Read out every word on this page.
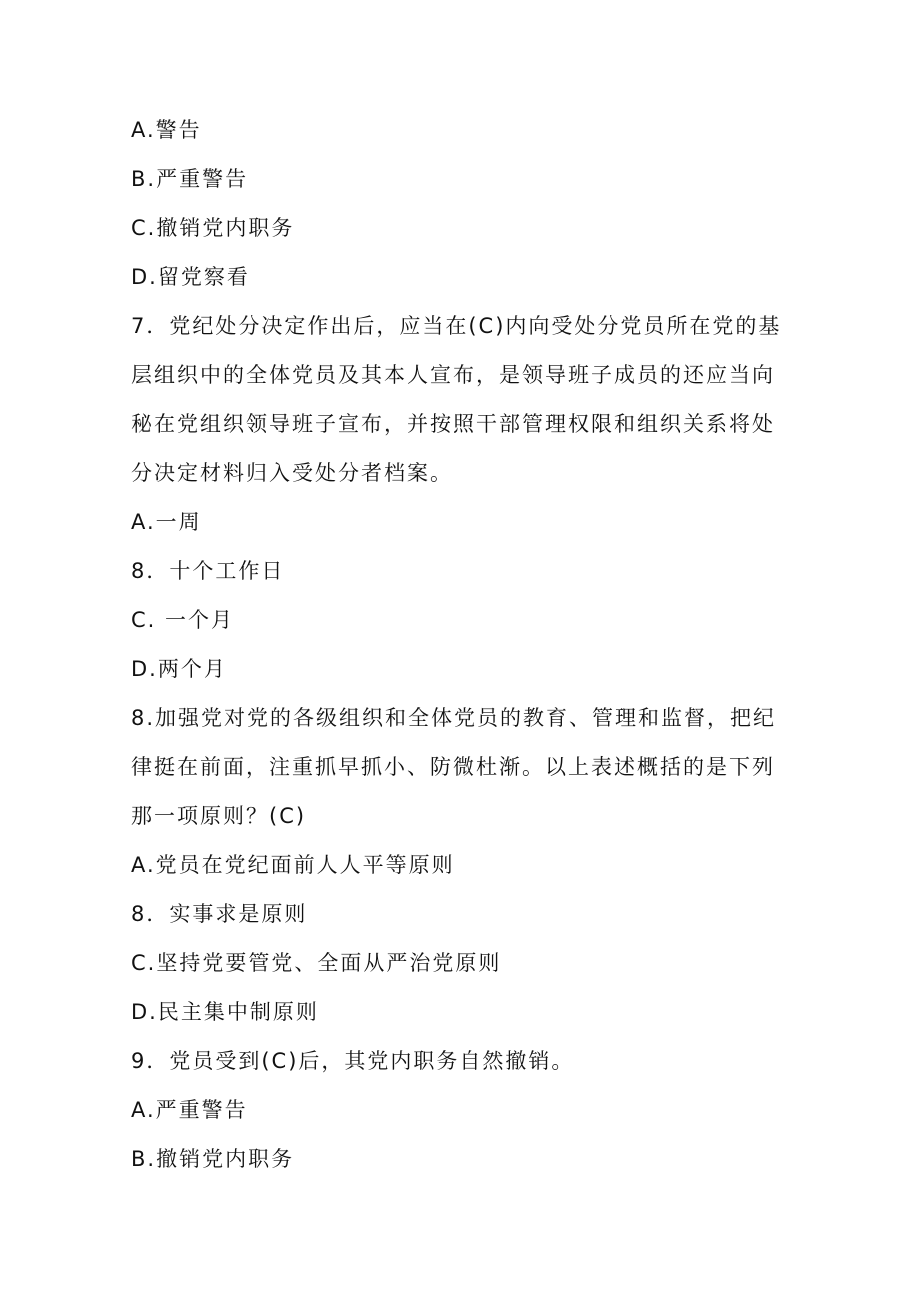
A.警告
B.严重警告
C.撤销党内职务
D.留党察看
7．党纪处分决定作出后，应当在(C)内向受处分党员所在党的基
层组织中的全体党员及其本人宣布，是领导班子成员的还应当向
秘在党组织领导班子宣布，并按照干部管理权限和组织关系将处
分决定材料归入受处分者档案。
A.一周
8．十个工作日
C. 一个月
D.两个月
8.加强党对党的各级组织和全体党员的教育、管理和监督，把纪
律挺在前面，注重抓早抓小、防微杜渐。以上表述概括的是下列
那一项原则？(C)
A.党员在党纪面前人人平等原则
8．实事求是原则
C.坚持党要管党、全面从严治党原则
D.民主集中制原则
9．党员受到(C)后，其党内职务自然撤销。
A.严重警告
B.撤销党内职务
